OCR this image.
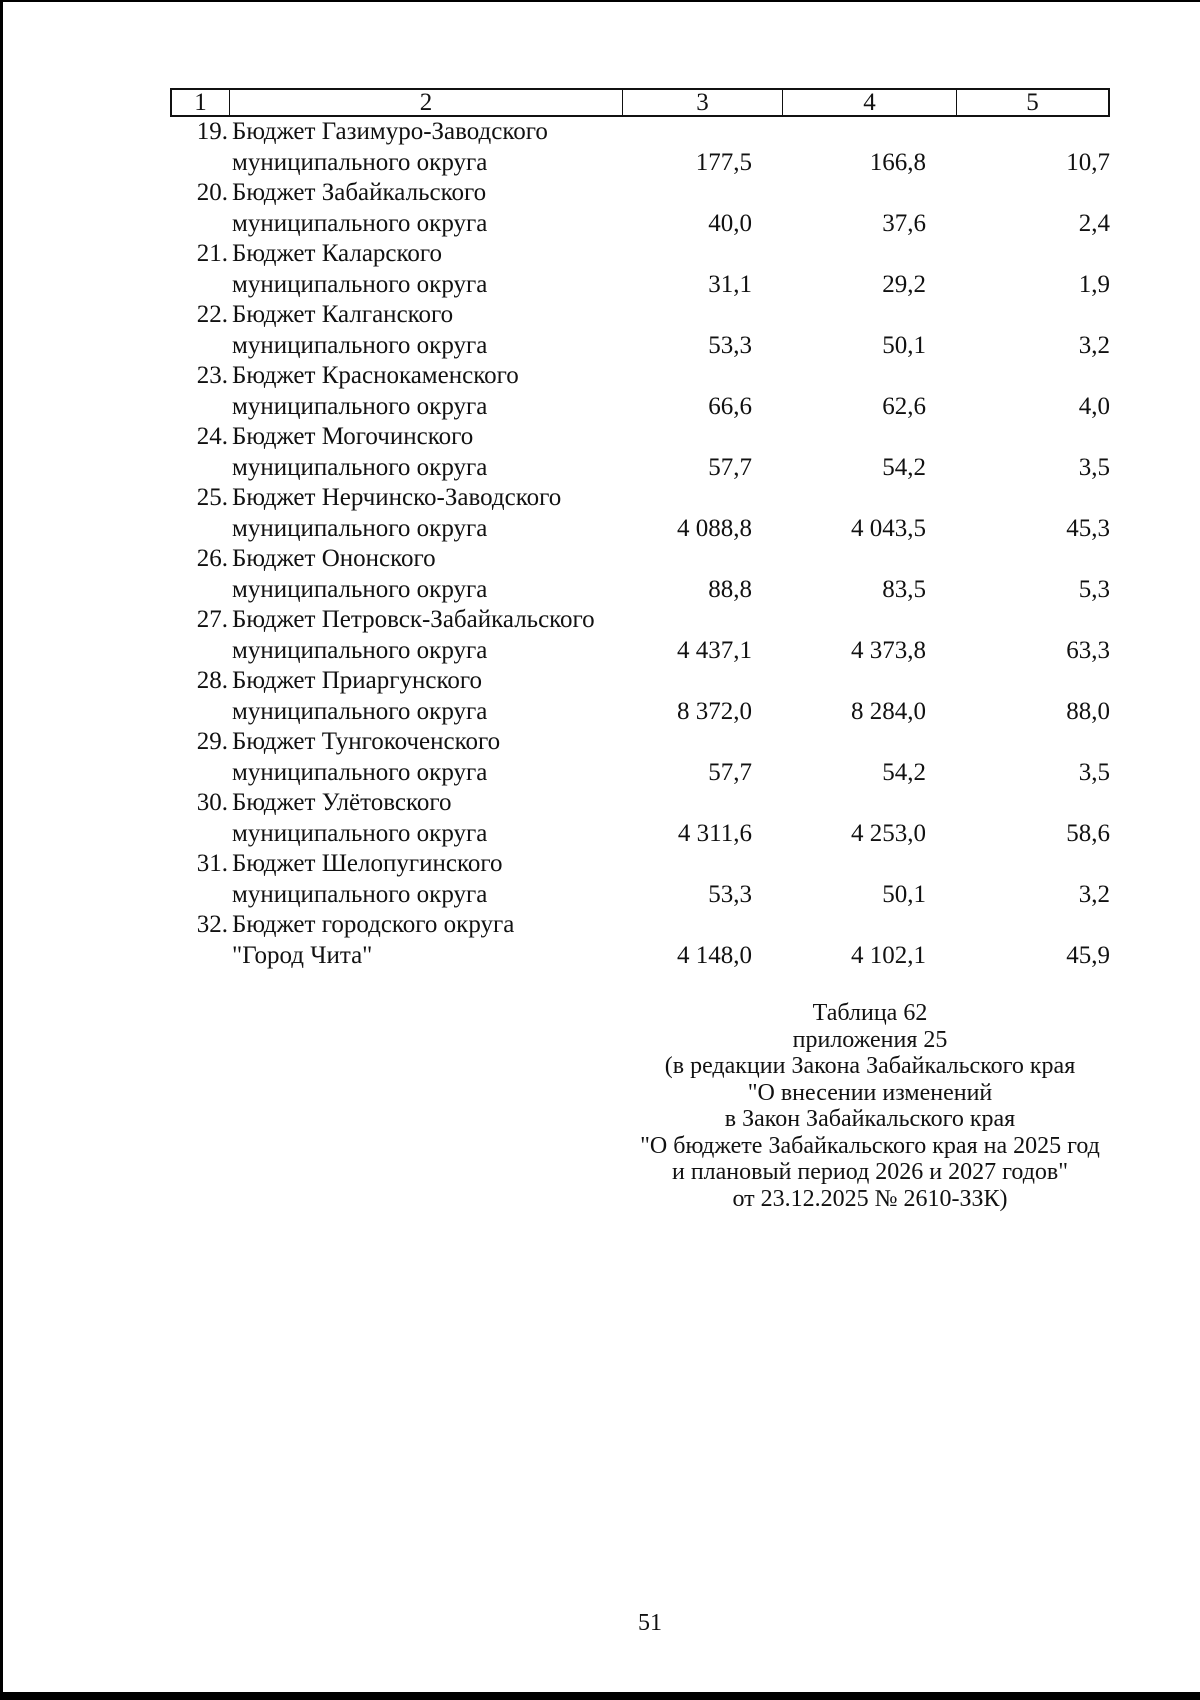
1	2	3	4	5
19. Бюджет Газимуро-Заводского
муниципального округа	177,5	166,8	10,7
20. Бюджет Забайкальского
муниципального округа	40,0	37,6	2,4
21. Бюджет Каларского
муниципального округа	31,1	29,2	1,9
22. Бюджет Калганского
муниципального округа	53,3	50,1	3,2
23. Бюджет Краснокаменского
муниципального округа	66,6	62,6	4,0
24. Бюджет Могочинского
муниципального округа	57,7	54,2	3,5
25. Бюджет Нерчинско-Заводского
муниципального округа	4 088,8	4 043,5	45,3
26. Бюджет Ононского
муниципального округа	88,8	83,5	5,3
27. Бюджет Петровск-Забайкальского
муниципального округа	4 437,1	4 373,8	63,3
28. Бюджет Приаргунского
муниципального округа	8 372,0	8 284,0	88,0
29. Бюджет Тунгокоченского
муниципального округа	57,7	54,2	3,5
30. Бюджет Улётовского
муниципального округа	4 311,6	4 253,0	58,6
31. Бюджет Шелопугинского
муниципального округа	53,3	50,1	3,2
32. Бюджет городского округа
"Город Чита"	4 148,0	4 102,1	45,9
Таблица 62
приложения 25
(в редакции Закона Забайкальского края
"О внесении изменений
в Закон Забайкальского края
"О бюджете Забайкальского края на 2025 год
и плановый период 2026 и 2027 годов"
от 23.12.2025 № 2610-ЗЗК)
51
